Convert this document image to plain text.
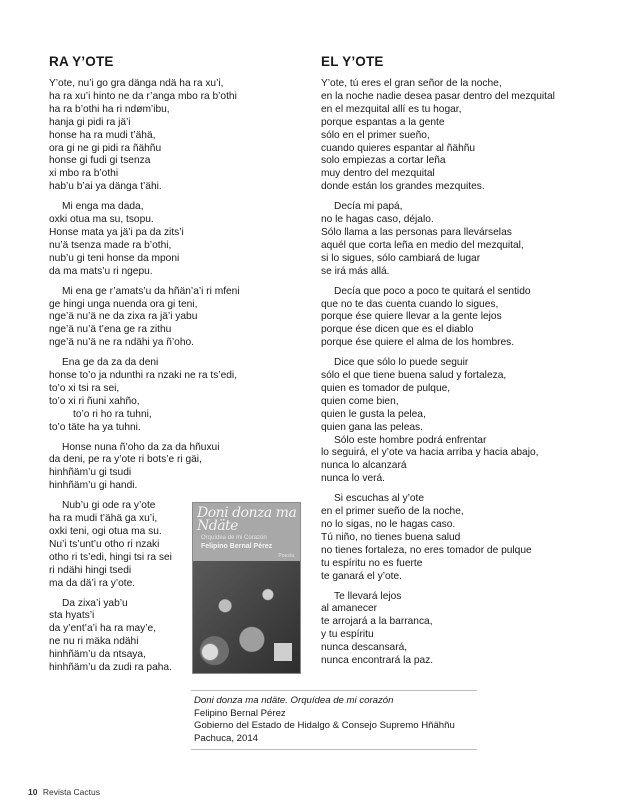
RA Y’OTE
Y’ote, nu’i go gra dänga ndä ha ra xu’i,
ha ra xu’i hinto ne da r’anga mbo ra b’othi
ha ra b’othi ha ri ndøm’ibu,
hanja gi pidi ra jä’i
honse ha ra mudi t’ähä,
ora gi ne gi pidi ra ñähñu
honse gi fudi gi tsenza
xi mbo ra b’othi
hab’u b’ai ya dänga t’ähi.
Mi enga ma dada,
oxki otua ma su, tsopu.
Honse mata ya jä’i pa da zits’i
nu’ä tsenza made ra b’othi,
nub’u gi teni honse da mponi
da ma mats’u ri ngepu.
Mi ena ge r’amats’u da hñän’a’i ri mfeni
ge hingi unga nuenda ora gi teni,
nge’ä nu’ä ne da zixa ra jä’i yabu
nge’ä nu’ä t’ena ge ra zithu
nge’ä nu’ä ne ra ndähi ya ñ’oho.
Ena ge da za da deni
honse to’o ja ndunthi ra nzaki ne ra ts’edi,
to’o xi tsi ra sei,
to’o xi ri ñuni xahño,
to’o ri ho ra tuhni,
to’o täte ha ya tuhni.
Honse nuna ñ’oho da za da hñuxui
da deni, pe ra y’ote ri bots’e ri gäi,
hinhñäm’u gi tsudi
hinhñäm’u gi handi.
Nub’u gi ode ra y’ote
ha ra mudi t’ähä ga xu’i,
oxki teni, ogi otua ma su.
Nu’i ts’unt’u otho ri nzaki
otho ri ts’edi, hingi tsi ra sei
ri ndähi hingi tsedi
ma da dä’i ra y’ote.
Da zixa’i yab’u
sta hyats’i
da y’ent’a’i ha ra may’e,
ne nu ri mäka ndähi
hinhñäm’u da ntsaya,
hinhñäm’u da zudi ra paha.
EL Y’OTE
Y’ote, tú eres el gran señor de la noche,
en la noche nadie desea pasar dentro del mezquital
en el mezquital allí es tu hogar,
porque espantas a la gente
sólo en el primer sueño,
cuando quieres espantar al ñähñu
solo empiezas a cortar leña
muy dentro del mezquital
donde están los grandes mezquites.
Decía mi papá,
no le hagas caso, déjalo.
Sólo llama a las personas para llevárselas
aquél que corta leña en medio del mezquital,
si lo sigues, sólo cambiará de lugar
se irá más allá.
Decía que poco a poco te quitará el sentido
que no te das cuenta cuando lo sigues,
porque ése quiere llevar a la gente lejos
porque ése dicen que es el diablo
porque ése quiere el alma de los hombres.
Dice que sólo lo puede seguir
sólo el que tiene buena salud y fortaleza,
quien es tomador de pulque,
quien come bien,
quien le gusta la pelea,
quien gana las peleas.
Sólo este hombre podrá enfrentar
lo seguirá, el y’ote va hacia arriba y hacia abajo,
nunca lo alcanzará
nunca lo verá.
Si escuchas al y’ote
en el primer sueño de la noche,
no lo sigas, no le hagas caso.
Tú niño, no tienes buena salud
no tienes fortaleza, no eres tomador de pulque
tu espíritu no es fuerte
te ganará el y’ote.
Te llevará lejos
al amanecer
te arrojará a la barranca,
y tu espíritu
nunca descansará,
nunca encontrará la paz.
Doni donza ma Ndäte
Orquídea de mi Corazón
Felipino Bernal Pérez
Poesía
Doni donza ma ndäte. Orquídea de mi corazón
Felipino Bernal Pérez
Gobierno del Estado de Hidalgo & Consejo Supremo Hñähñu
Pachuca, 2014
10 Revista Cactus
